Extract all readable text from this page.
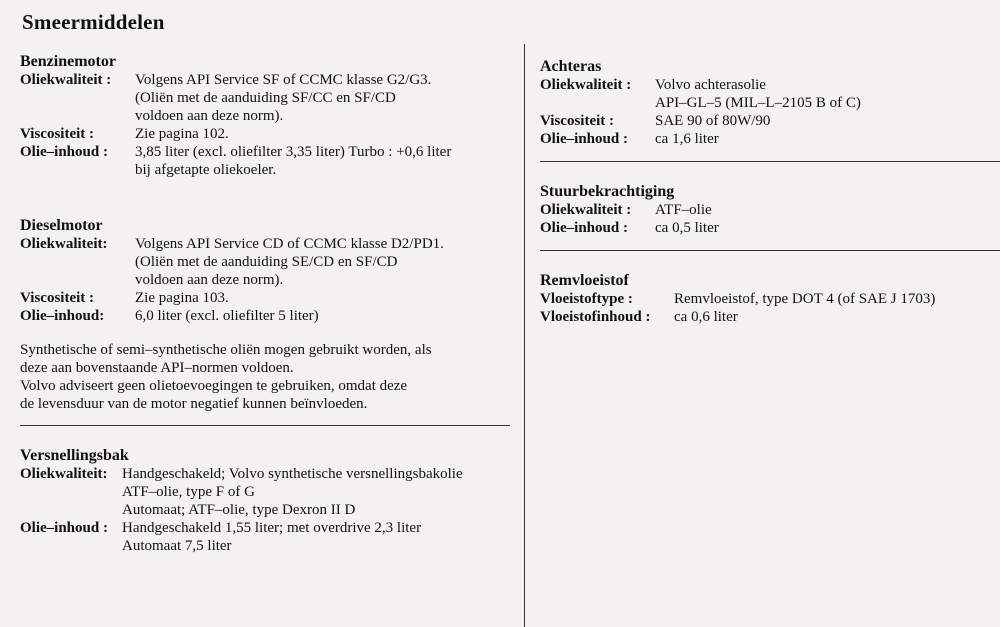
Smeermiddelen
Benzinemotor
Oliekwaliteit :	Volgens API Service SF of CCMC klasse G2/G3.
(Oliën met de aanduiding SF/CC en SF/CD
voldoen aan deze norm).
Viscositeit :	Zie pagina 102.
Olie–inhoud :	3,85 liter (excl. oliefilter 3,35 liter) Turbo : +0,6 liter
bij afgetapte oliekoeler.
Dieselmotor
Oliekwaliteit:	Volgens API Service CD of CCMC klasse D2/PD1.
(Oliën met de aanduiding SE/CD en SF/CD
voldoen aan deze norm).
Viscositeit :	Zie pagina 103.
Olie–inhoud:	6,0 liter (excl. oliefilter 5 liter)
Synthetische of semi–synthetische oliën mogen gebruikt worden, als
deze aan bovenstaande API–normen voldoen.
Volvo adviseert geen olietoevoegingen te gebruiken, omdat deze
de levensduur van de motor negatief kunnen beïnvloeden.
Versnellingsbak
Oliekwaliteit: Handgeschakeld; Volvo synthetische versnellingsbakolie
ATF–olie, type F of G
Automaat; ATF–olie, type Dexron II D
Olie–inhoud : Handgeschakeld 1,55 liter; met overdrive 2,3 liter
Automaat 7,5 liter
Achteras
Oliekwaliteit :	Volvo achterasolie
API–GL–5 (MIL–L–2105 B of C)
Viscositeit :	SAE 90 of 80W/90
Olie–inhoud :	ca 1,6 liter
Stuurbekrachtiging
Oliekwaliteit :	ATF–olie
Olie–inhoud :	ca 0,5 liter
Remvloeistof
Vloeistoftype :	Remvloeistof, type DOT 4 (of SAE J 1703)
Vloeistofinhoud :	ca 0,6 liter
